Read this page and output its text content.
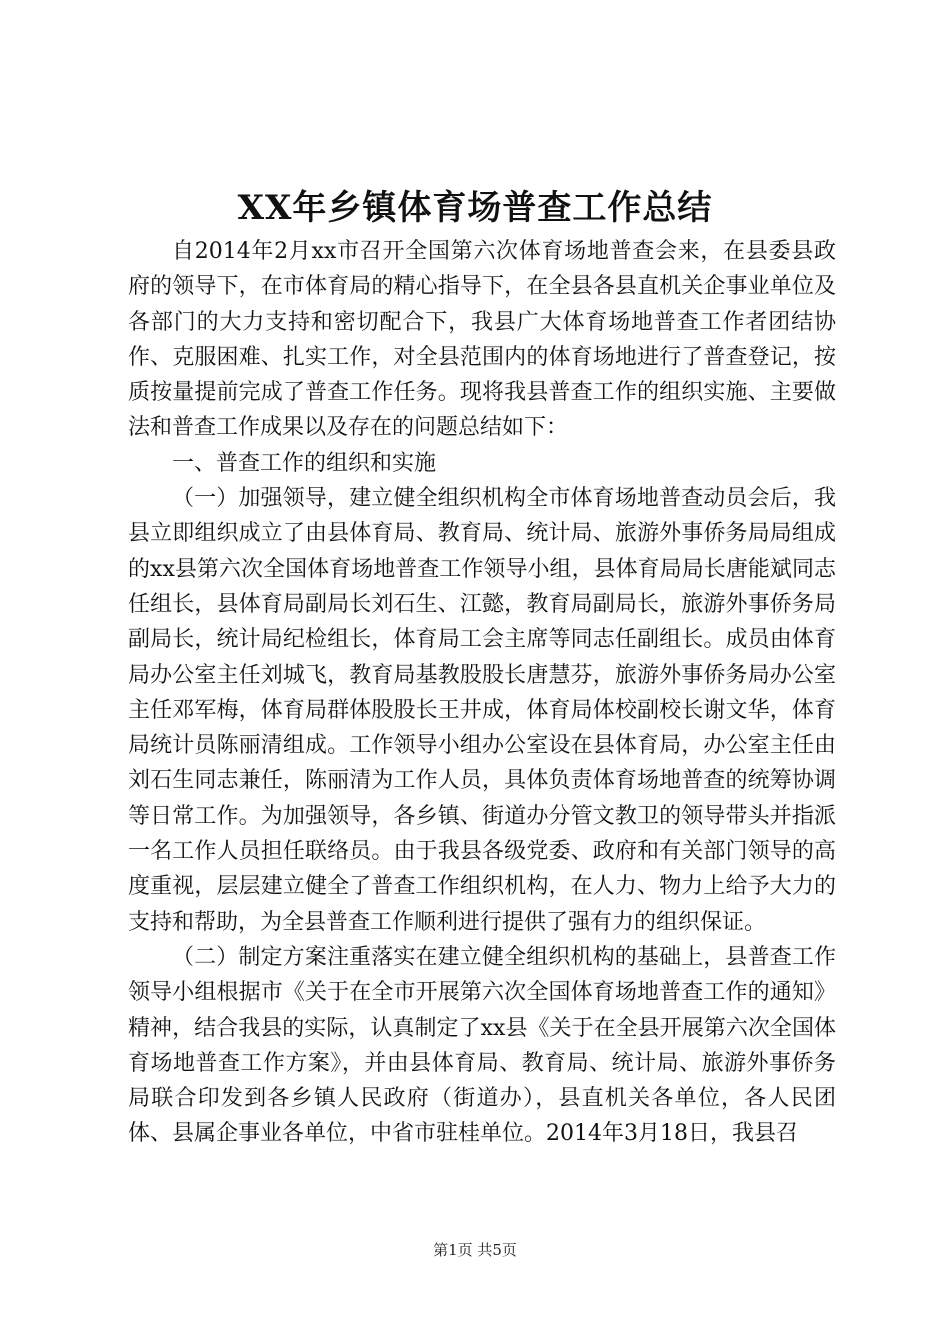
XX年乡镇体育场普查工作总结

自2014年2月xx市召开全国第六次体育场地普查会来，在县委县政府的领导下，在市体育局的精心指导下，在全县各县直机关企事业单位及各部门的大力支持和密切配合下，我县广大体育场地普查工作者团结协作、克服困难、扎实工作，对全县范围内的体育场地进行了普查登记，按质按量提前完成了普查工作任务。现将我县普查工作的组织实施、主要做法和普查工作成果以及存在的问题总结如下：

一、普查工作的组织和实施

（一）加强领导，建立健全组织机构全市体育场地普查动员会后，我县立即组织成立了由县体育局、教育局、统计局、旅游外事侨务局局组成的xx县第六次全国体育场地普查工作领导小组，县体育局局长唐能斌同志任组长，县体育局副局长刘石生、江懿，教育局副局长，旅游外事侨务局副局长，统计局纪检组长，体育局工会主席等同志任副组长。成员由体育局办公室主任刘城飞，教育局基教股股长唐慧芬，旅游外事侨务局办公室主任邓军梅，体育局群体股股长王井成，体育局体校副校长谢文华，体育局统计员陈丽清组成。工作领导小组办公室设在县体育局，办公室主任由刘石生同志兼任，陈丽清为工作人员，具体负责体育场地普查的统筹协调等日常工作。为加强领导，各乡镇、街道办分管文教卫的领导带头并指派一名工作人员担任联络员。由于我县各级党委、政府和有关部门领导的高度重视，层层建立健全了普查工作组织机构，在人力、物力上给予大力的支持和帮助，为全县普查工作顺利进行提供了强有力的组织保证。

（二）制定方案注重落实在建立健全组织机构的基础上，县普查工作领导小组根据市《关于在全市开展第六次全国体育场地普查工作的通知》精神，结合我县的实际，认真制定了xx县《关于在全县开展第六次全国体育场地普查工作方案》，并由县体育局、教育局、统计局、旅游外事侨务局联合印发到各乡镇人民政府（街道办），县直机关各单位，各人民团体、县属企事业各单位，中省市驻桂单位。2014年3月18日，我县召

第1页 共5页
